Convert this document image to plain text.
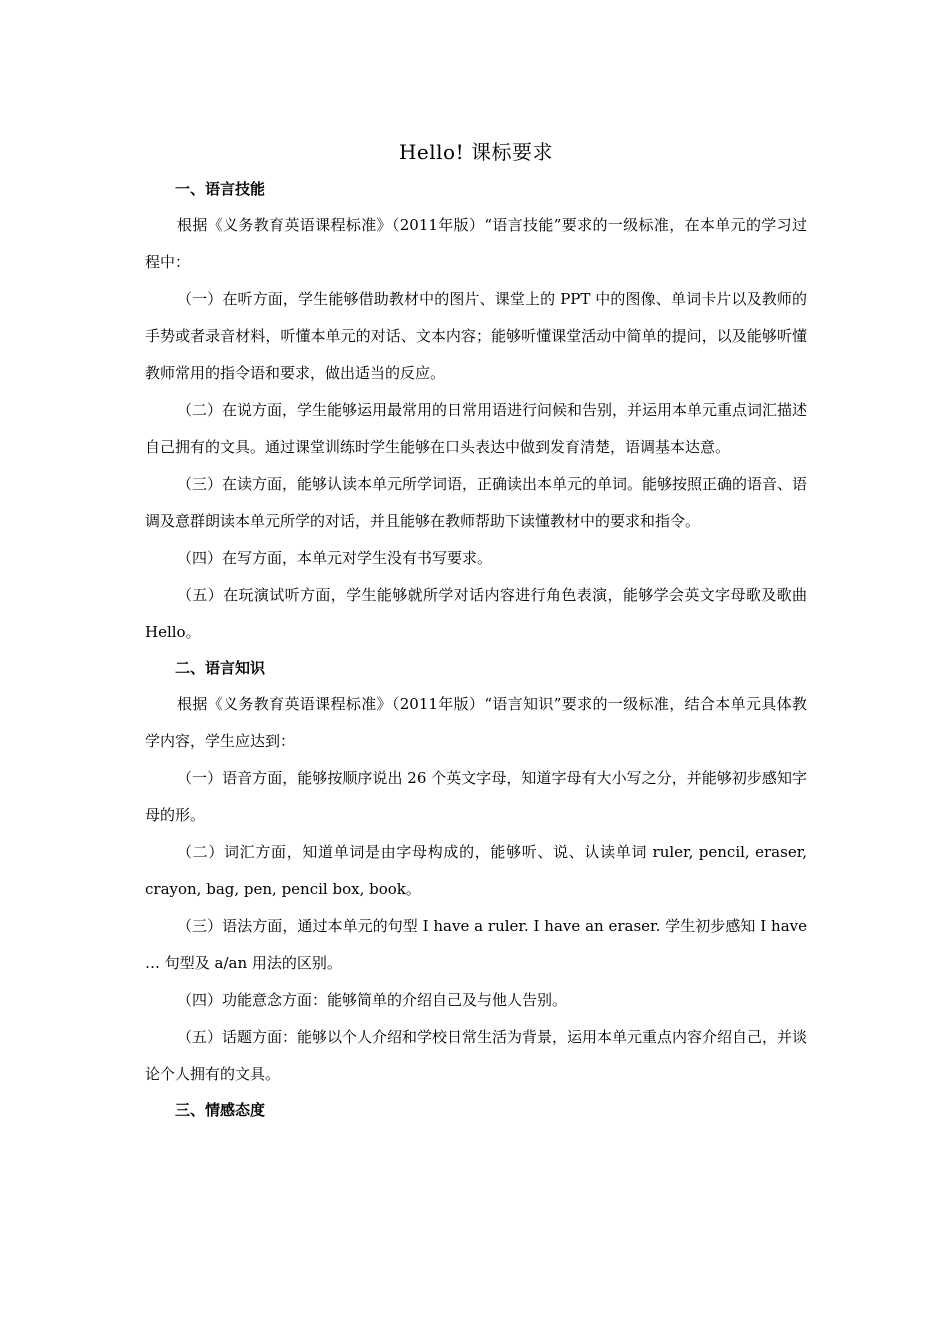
Hello! 课标要求

一、语言技能

根据《义务教育英语课程标准》（2011年版）“语言技能”要求的一级标准，在本单元的学习过程中：

（一）在听方面，学生能够借助教材中的图片、课堂上的 PPT 中的图像、单词卡片以及教师的手势或者录音材料，听懂本单元的对话、文本内容；能够听懂课堂活动中简单的提问，以及能够听懂教师常用的指令语和要求，做出适当的反应。

（二）在说方面，学生能够运用最常用的日常用语进行问候和告别，并运用本单元重点词汇描述自己拥有的文具。通过课堂训练时学生能够在口头表达中做到发育清楚，语调基本达意。

（三）在读方面，能够认读本单元所学词语，正确读出本单元的单词。能够按照正确的语音、语调及意群朗读本单元所学的对话，并且能够在教师帮助下读懂教材中的要求和指令。

（四）在写方面，本单元对学生没有书写要求。

（五）在玩演试听方面，学生能够就所学对话内容进行角色表演，能够学会英文字母歌及歌曲 Hello。

二、语言知识

根据《义务教育英语课程标准》（2011年版）“语言知识”要求的一级标准，结合本单元具体教学内容，学生应达到：

（一）语音方面，能够按顺序说出 26 个英文字母，知道字母有大小写之分，并能够初步感知字母的形。

（二）词汇方面，知道单词是由字母构成的，能够听、说、认读单词 ruler, pencil, eraser, crayon, bag, pen, pencil box, book。

（三）语法方面，通过本单元的句型 I have a ruler. I have an eraser. 学生初步感知 I have … 句型及 a/an 用法的区别。

（四）功能意念方面：能够简单的介绍自己及与他人告别。

（五）话题方面：能够以个人介绍和学校日常生活为背景，运用本单元重点内容介绍自己，并谈论个人拥有的文具。

三、情感态度
